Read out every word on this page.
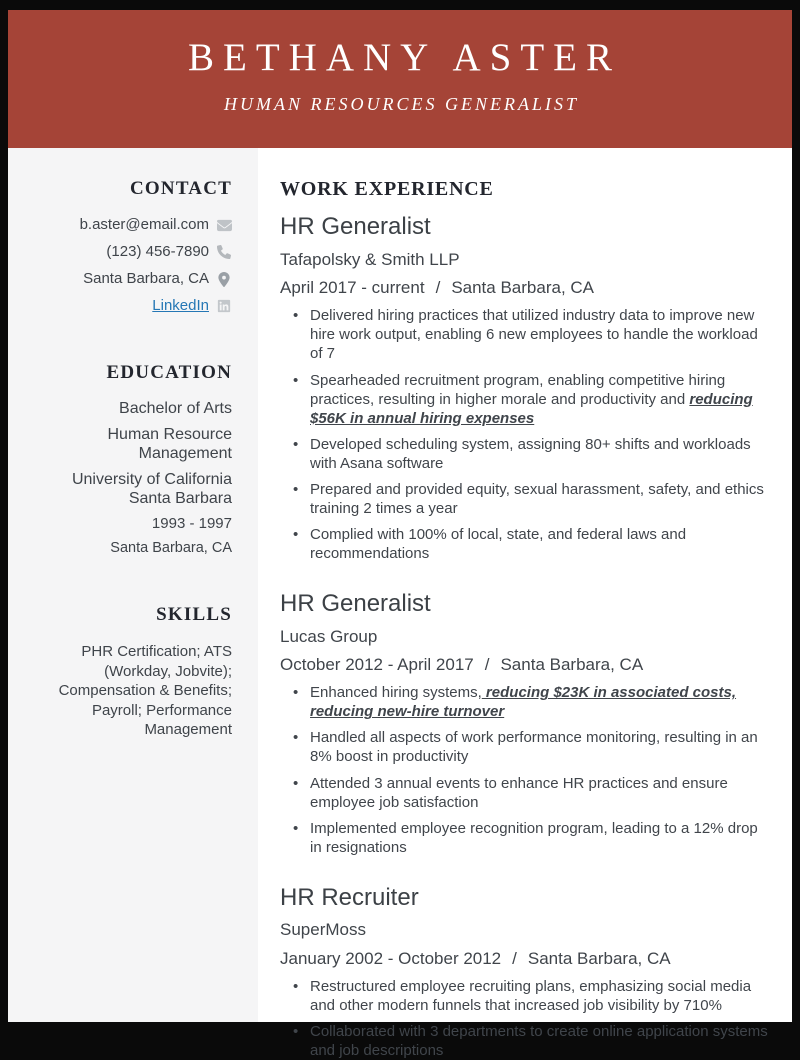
BETHANY ASTER
HUMAN RESOURCES GENERALIST
CONTACT
b.aster@email.com
(123) 456-7890
Santa Barbara, CA
LinkedIn
EDUCATION
Bachelor of Arts
Human Resource Management
University of California Santa Barbara
1993 - 1997
Santa Barbara, CA
SKILLS
PHR Certification; ATS (Workday, Jobvite); Compensation & Benefits; Payroll; Performance Management
WORK EXPERIENCE
HR Generalist
Tafapolsky & Smith LLP
April 2017 - current / Santa Barbara, CA
• Delivered hiring practices that utilized industry data to improve new hire work output, enabling 6 new employees to handle the workload of 7
• Spearheaded recruitment program, enabling competitive hiring practices, resulting in higher morale and productivity and reducing $56K in annual hiring expenses
• Developed scheduling system, assigning 80+ shifts and workloads with Asana software
• Prepared and provided equity, sexual harassment, safety, and ethics training 2 times a year
• Complied with 100% of local, state, and federal laws and recommendations
HR Generalist
Lucas Group
October 2012 - April 2017 / Santa Barbara, CA
• Enhanced hiring systems, reducing $23K in associated costs, reducing new-hire turnover
• Handled all aspects of work performance monitoring, resulting in an 8% boost in productivity
• Attended 3 annual events to enhance HR practices and ensure employee job satisfaction
• Implemented employee recognition program, leading to a 12% drop in resignations
HR Recruiter
SuperMoss
January 2002 - October 2012 / Santa Barbara, CA
• Restructured employee recruiting plans, emphasizing social media and other modern funnels that increased job visibility by 710%
• Collaborated with 3 departments to create online application systems and job descriptions
